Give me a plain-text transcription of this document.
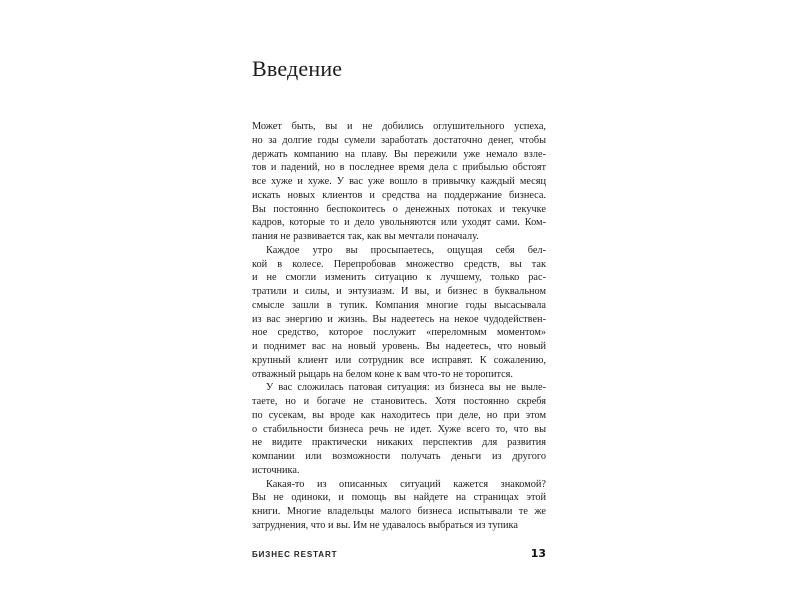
Введение

Может быть, вы и не добились оглушительного успеха,
но за долгие годы сумели заработать достаточно денег, чтобы
держать компанию на плаву. Вы пережили уже немало взле-
тов и падений, но в последнее время дела с прибылью обстоят
все хуже и хуже. У вас уже вошло в привычку каждый месяц
искать новых клиентов и средства на поддержание бизнеса.
Вы постоянно беспокоитесь о денежных потоках и текучке
кадров, которые то и дело увольняются или уходят сами. Ком-
пания не развивается так, как вы мечтали поначалу.

Каждое утро вы просыпаетесь, ощущая себя бел-
кой в колесе. Перепробовав множество средств, вы так
и не смогли изменить ситуацию к лучшему, только рас-
тратили и силы, и энтузиазм. И вы, и бизнес в буквальном
смысле зашли в тупик. Компания многие годы высасывала
из вас энергию и жизнь. Вы надеетесь на некое чудодействен-
ное средство, которое послужит «переломным моментом»
и поднимет вас на новый уровень. Вы надеетесь, что новый
крупный клиент или сотрудник все исправят. К сожалению,
отважный рыцарь на белом коне к вам что-то не торопится.

У вас сложилась патовая ситуация: из бизнеса вы не выле-
таете, но и богаче не становитесь. Хотя постоянно скребя
по сусекам, вы вроде как находитесь при деле, но при этом
о стабильности бизнеса речь не идет. Хуже всего то, что вы
не видите практически никаких перспектив для развития
компании или возможности получать деньги из другого
источника.

Какая-то из описанных ситуаций кажется знакомой?
Вы не одиноки, и помощь вы найдете на страницах этой
книги. Многие владельцы малого бизнеса испытывали те же
затруднения, что и вы. Им не удавалось выбраться из тупика

БИЗНЕС RESTART	13
